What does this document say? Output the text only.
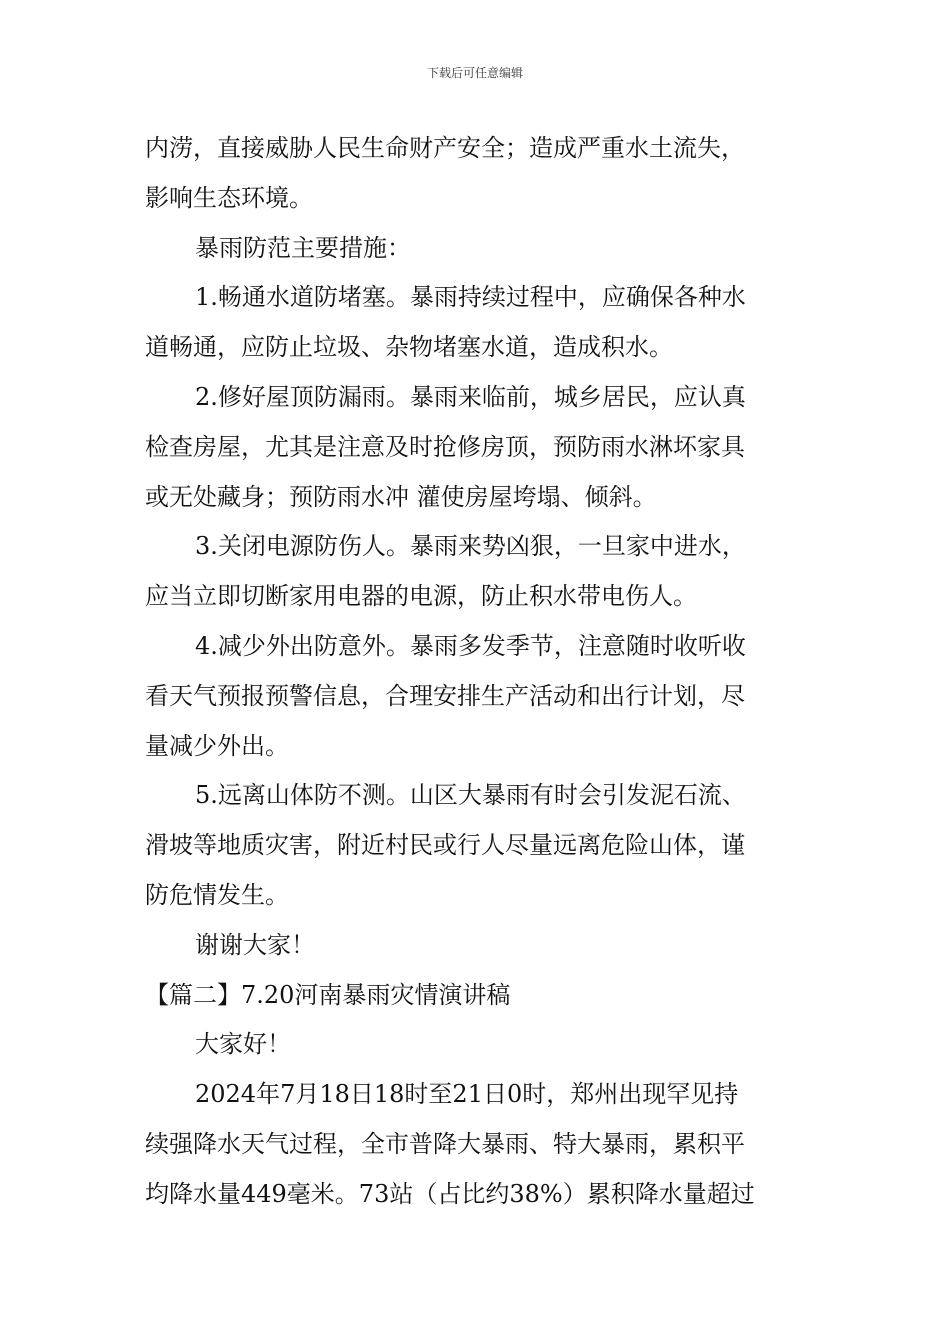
下载后可任意编辑

内涝，直接威胁人民生命财产安全；造成严重水土流失，
影响生态环境。

暴雨防范主要措施：

1.畅通水道防堵塞。暴雨持续过程中，应确保各种水
道畅通，应防止垃圾、杂物堵塞水道，造成积水。

2.修好屋顶防漏雨。暴雨来临前，城乡居民，应认真
检查房屋，尤其是注意及时抢修房顶，预防雨水淋坏家具
或无处藏身；预防雨水冲 灌使房屋垮塌、倾斜。

3.关闭电源防伤人。暴雨来势凶狠，一旦家中进水，
应当立即切断家用电器的电源，防止积水带电伤人。

4.减少外出防意外。暴雨多发季节，注意随时收听收
看天气预报预警信息，合理安排生产活动和出行计划，尽
量减少外出。

5.远离山体防不测。山区大暴雨有时会引发泥石流、
滑坡等地质灾害，附近村民或行人尽量远离危险山体，谨
防危情发生。

谢谢大家！

【篇二】7.20河南暴雨灾情演讲稿

大家好！

2024年7月18日18时至21日0时，郑州出现罕见持
续强降水天气过程，全市普降大暴雨、特大暴雨，累积平
均降水量449毫米。73站（占比约38%）累积降水量超过
